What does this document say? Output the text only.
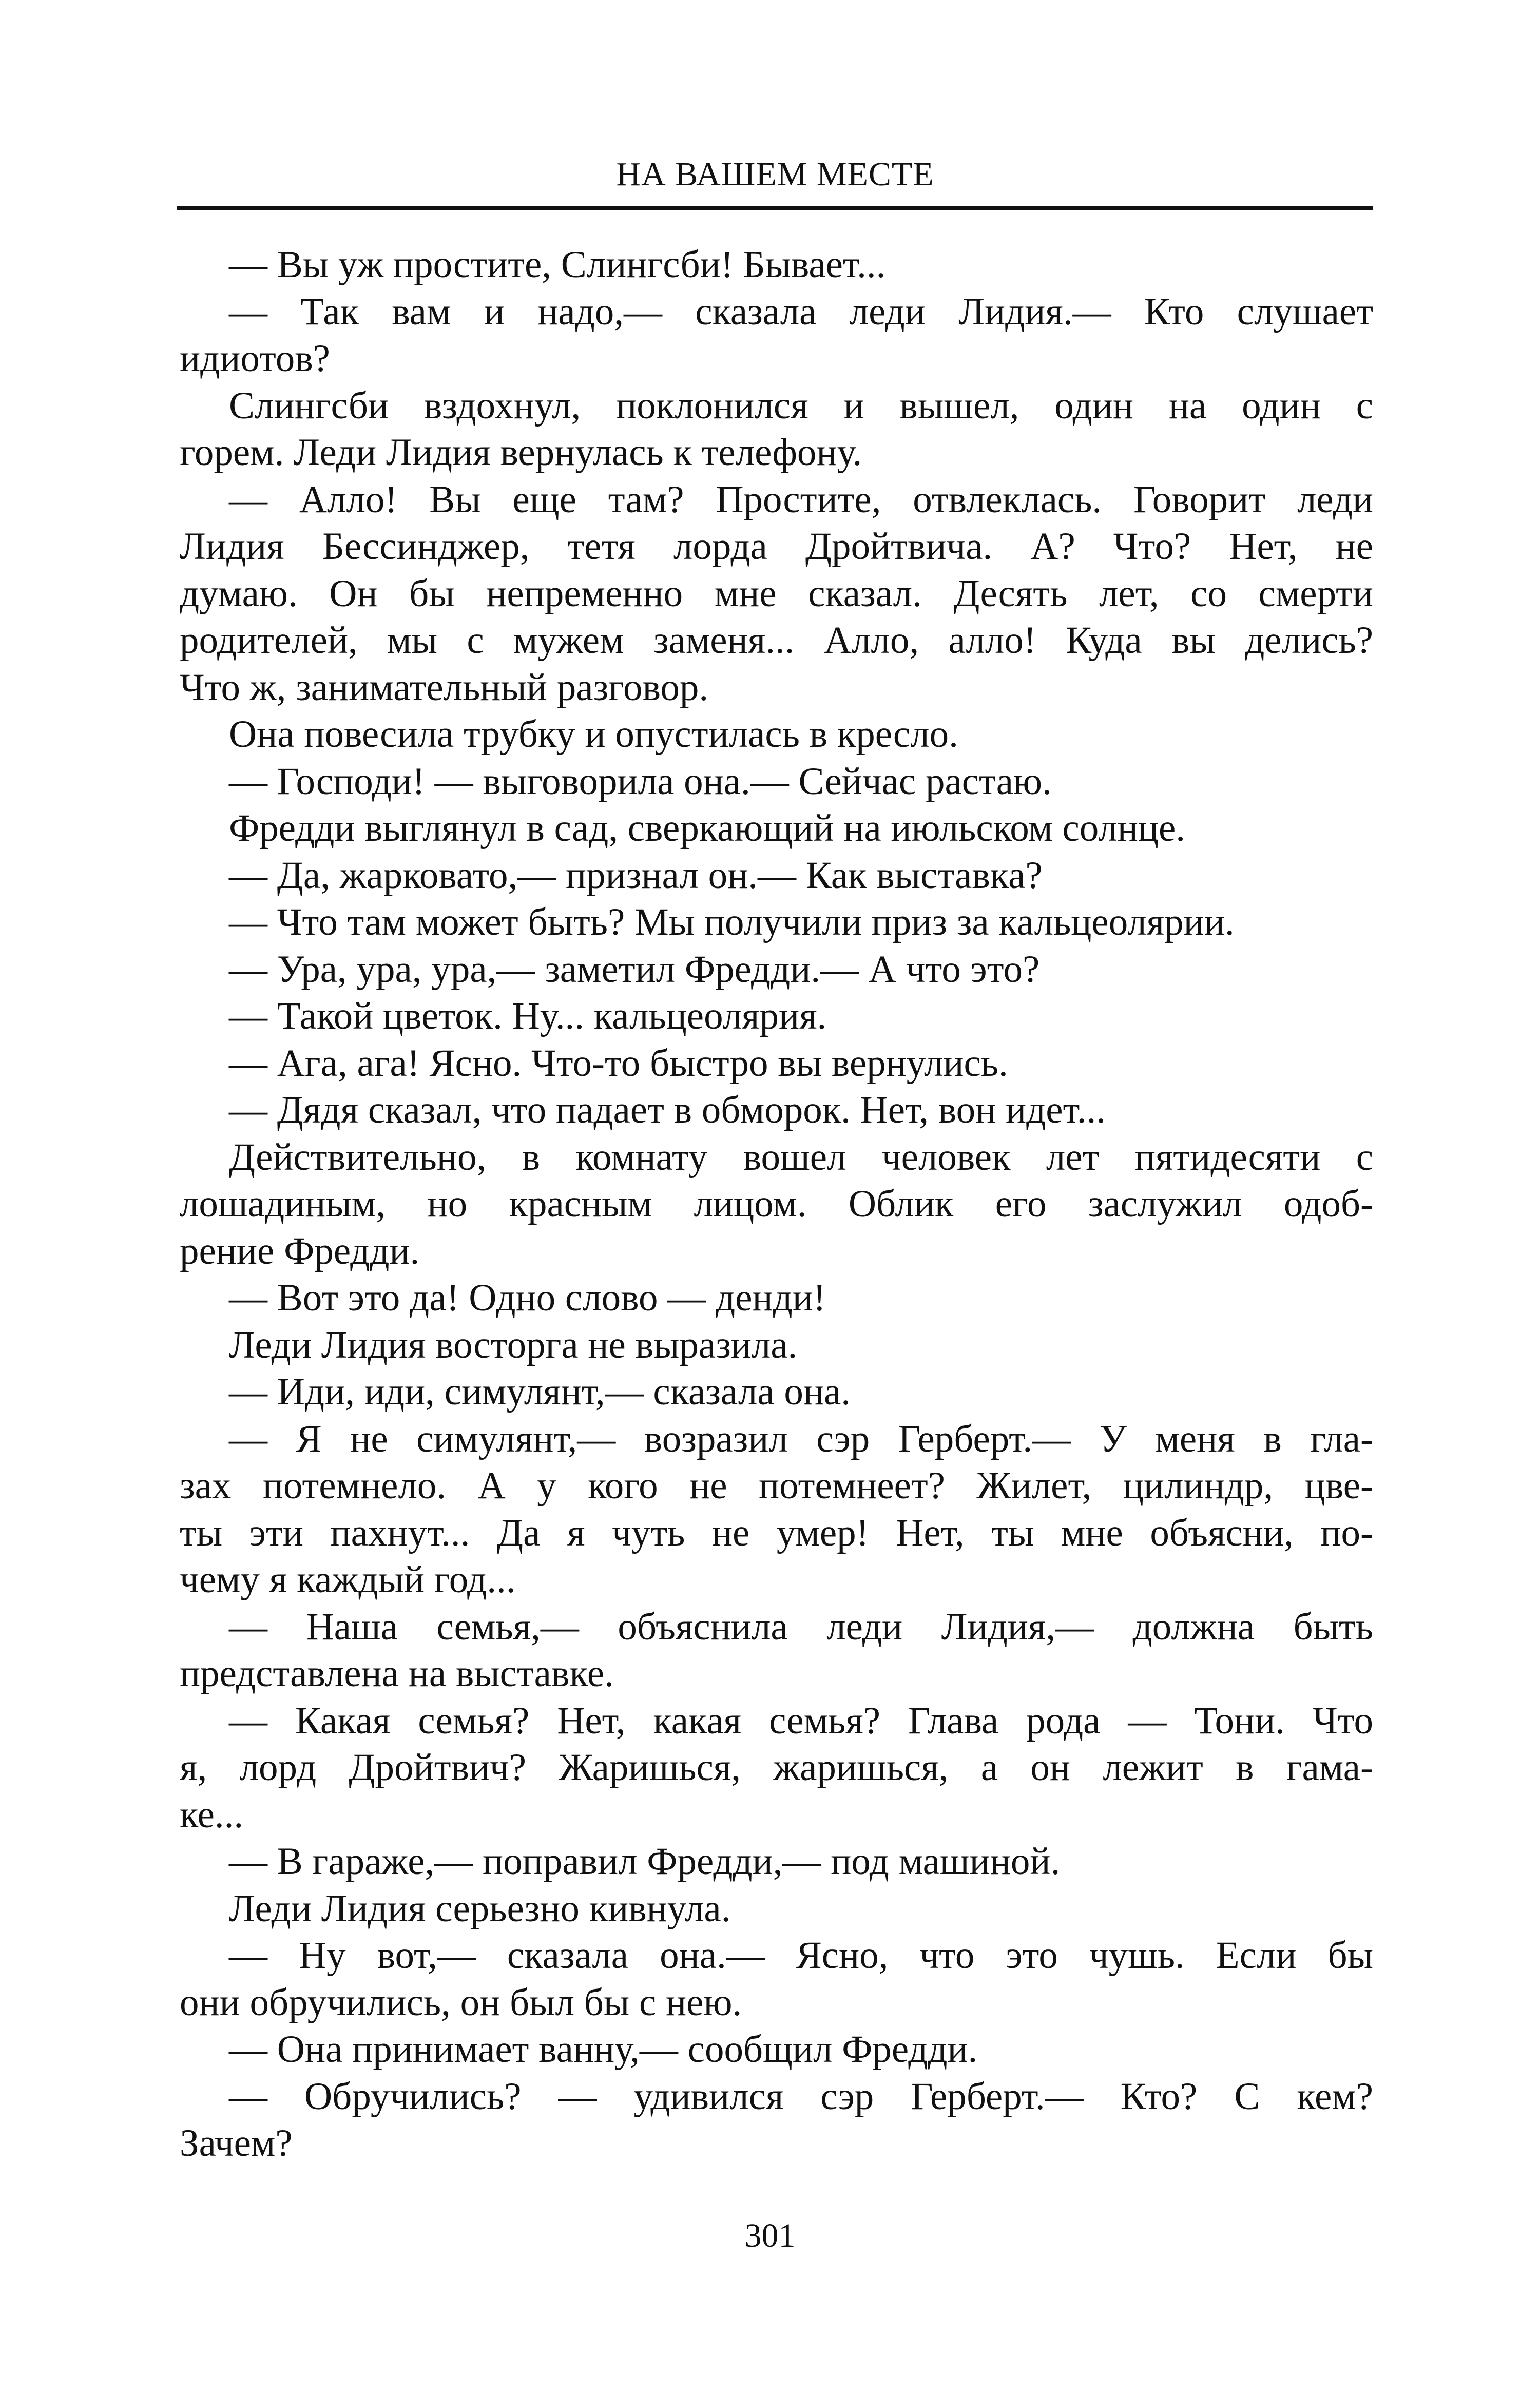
НА ВАШЕМ МЕСТЕ
— Вы уж простите, Слингсби! Бывает...
— Так вам и надо,— сказала леди Лидия.— Кто слушает
идиотов?
Слингсби вздохнул, поклонился и вышел, один на один с
горем. Леди Лидия вернулась к телефону.
— Алло! Вы еще там? Простите, отвлеклась. Говорит леди
Лидия Бессинджер, тетя лорда Дройтвича. А? Что? Нет, не
думаю. Он бы непременно мне сказал. Десять лет, со смерти
родителей, мы с мужем заменя... Алло, алло! Куда вы делись?
Что ж, занимательный разговор.
Она повесила трубку и опустилась в кресло.
— Господи! — выговорила она.— Сейчас растаю.
Фредди выглянул в сад, сверкающий на июльском солнце.
— Да, жарковато,— признал он.— Как выставка?
— Что там может быть? Мы получили приз за кальцеолярии.
— Ура, ура, ура,— заметил Фредди.— А что это?
— Такой цветок. Ну... кальцеолярия.
— Ага, ага! Ясно. Что-то быстро вы вернулись.
— Дядя сказал, что падает в обморок. Нет, вон идет...
Действительно, в комнату вошел человек лет пятидесяти с
лошадиным, но красным лицом. Облик его заслужил одоб-
рение Фредди.
— Вот это да! Одно слово — денди!
Леди Лидия восторга не выразила.
— Иди, иди, симулянт,— сказала она.
— Я не симулянт,— возразил сэр Герберт.— У меня в гла-
зах потемнело. А у кого не потемнеет? Жилет, цилиндр, цве-
ты эти пахнут... Да я чуть не умер! Нет, ты мне объясни, по-
чему я каждый год...
— Наша семья,— объяснила леди Лидия,— должна быть
представлена на выставке.
— Какая семья? Нет, какая семья? Глава рода — Тони. Что
я, лорд Дройтвич? Жаришься, жаришься, а он лежит в гама-
ке...
— В гараже,— поправил Фредди,— под машиной.
Леди Лидия серьезно кивнула.
— Ну вот,— сказала она.— Ясно, что это чушь. Если бы
они обручились, он был бы с нею.
— Она принимает ванну,— сообщил Фредди.
— Обручились? — удивился сэр Герберт.— Кто? С кем?
Зачем?
301
